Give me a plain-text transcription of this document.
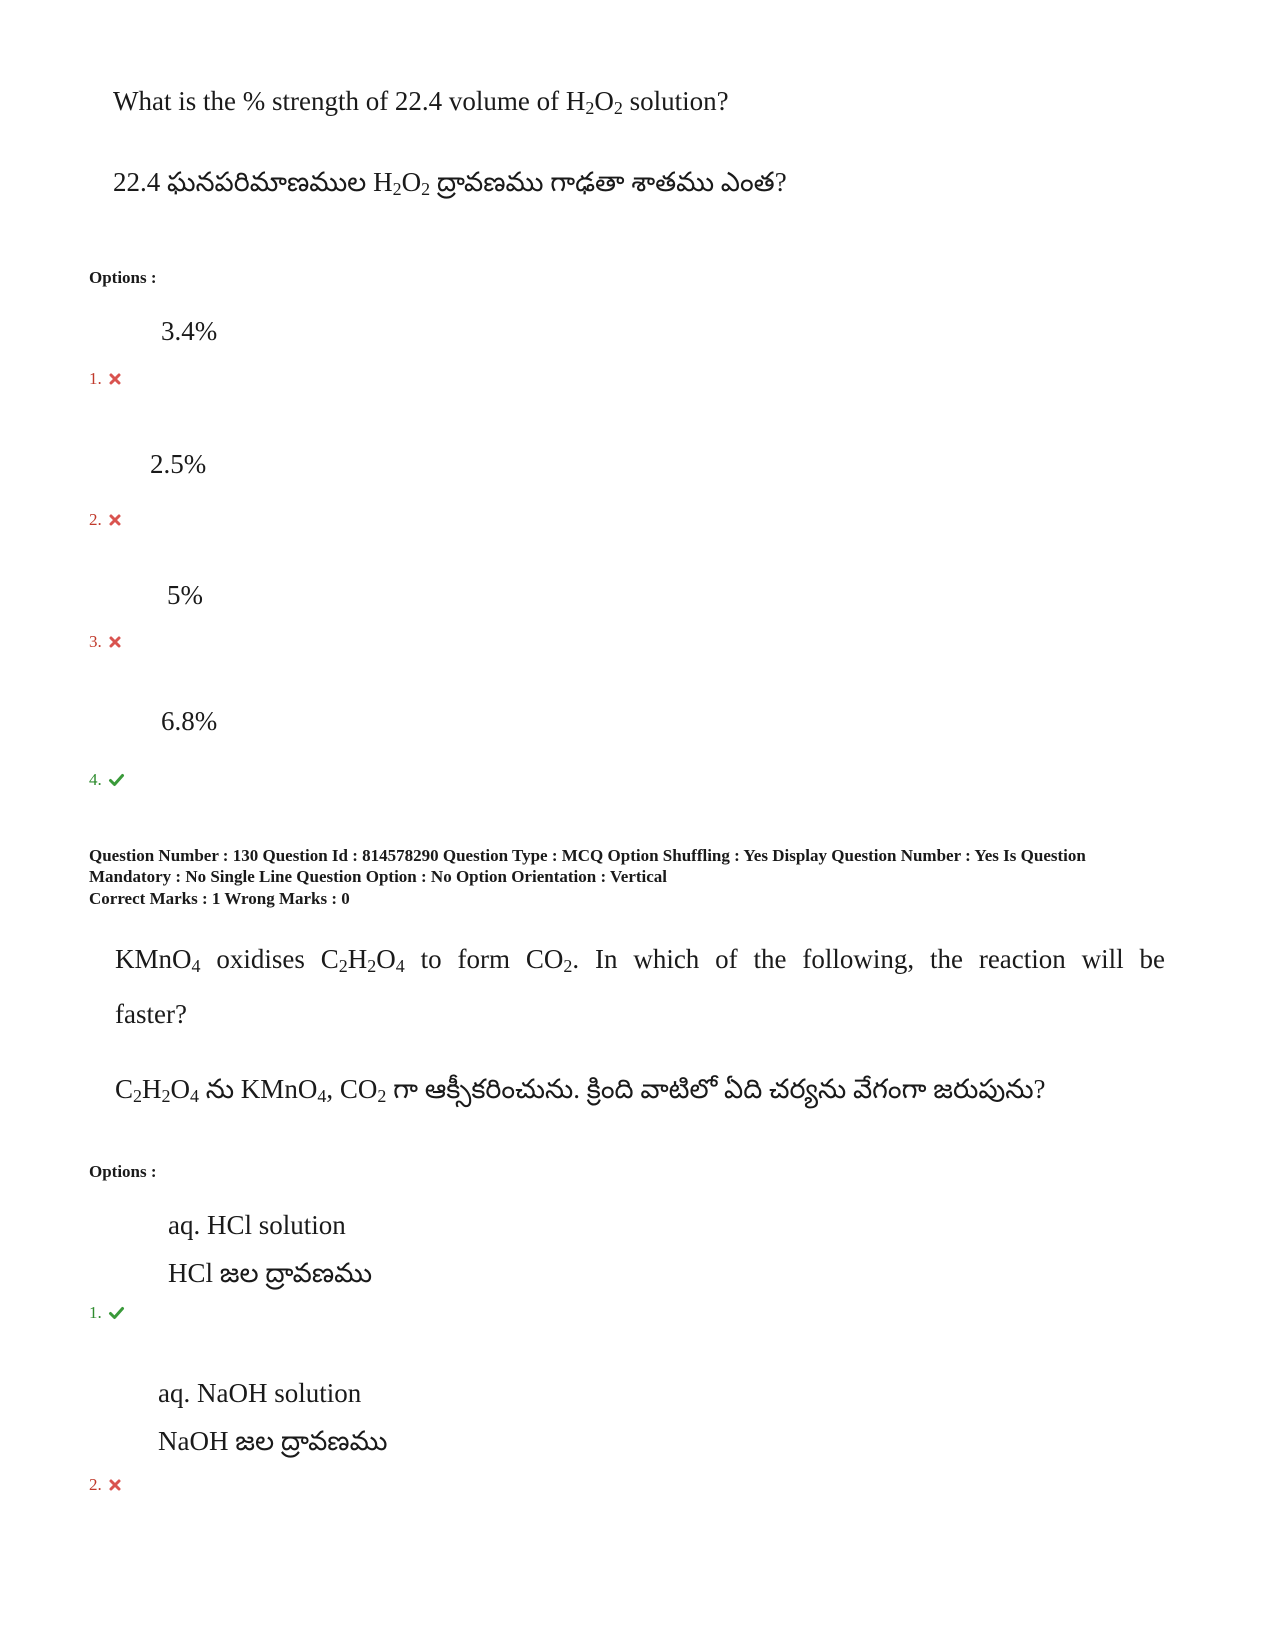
What is the % strength of 22.4 volume of $H_2O_2$ solution?
22.4 ఘనపరిమాణముల $H_2O_2$ ద్రావణము గాఢతా శాతము ఎంత?
Options :
3.4%
1.
2.5%
2.
5%
3.
6.8%
4.
Question Number : 130 Question Id : 814578290 Question Type : MCQ Option Shuffling : Yes Display Question Number : Yes Is Question Mandatory : No Single Line Question Option : No Option Orientation : Vertical
Correct Marks : 1 Wrong Marks : 0
KMnO$_4$ oxidises $C_2H_2O_4$ to form $CO_2$. In which of the following, the reaction will be faster?
$C_2H_2O_4$ ను KMnO$_4$, $CO_2$ గా ఆక్సీకరించును. క్రింది వాటిలో ఏది చర్యను వేగంగా జరుపును?
Options :
aq. HCl solution
HCl జల ద్రావణము
1.
aq. NaOH solution
NaOH జల ద్రావణము
2.
